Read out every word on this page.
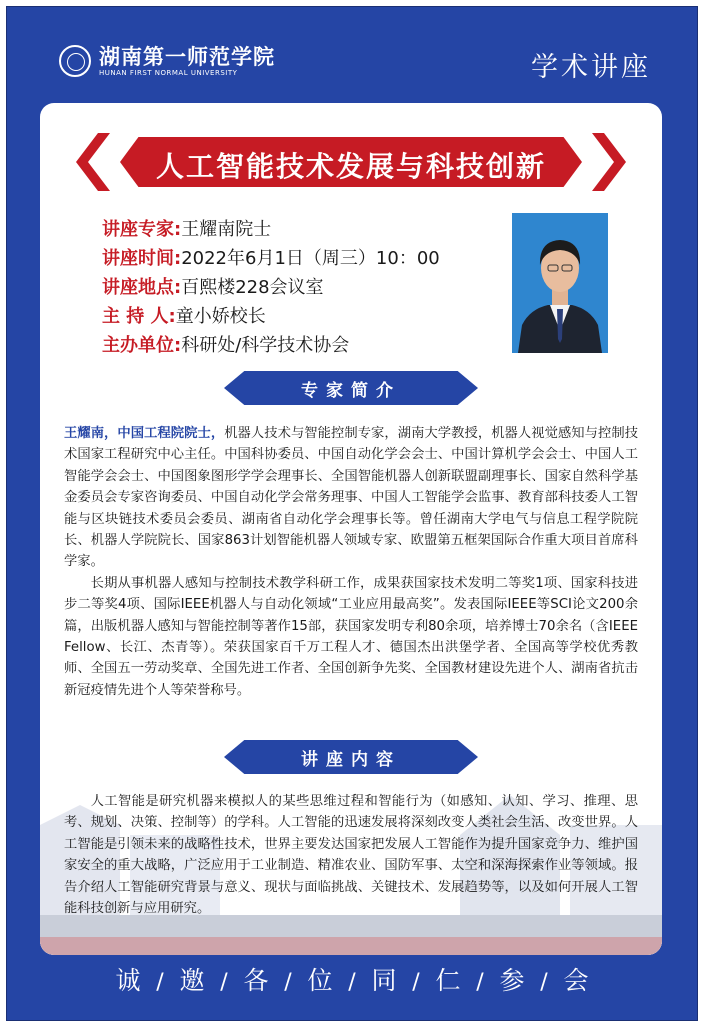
湖南第一师范学院
HUNAN FIRST NORMAL UNIVERSITY	学术讲座
人工智能技术发展与科技创新
讲座专家:王耀南院士
讲座时间:2022年6月1日（周三）10：00
讲座地点:百熙楼228会议室
主 持 人:童小娇校长
主办单位:科研处/科学技术协会
专家简介

王耀南，中国工程院院士，机器人技术与智能控制专家，湖南大学教授，机器人视觉感知与控制技术国家工程研究中心主任。中国科协委员、中国自动化学会会士、中国计算机学会会士、中国人工智能学会会士、中国图象图形学学会理事长、全国智能机器人创新联盟副理事长、国家自然科学基金委员会专家咨询委员、中国自动化学会常务理事、中国人工智能学会监事、教育部科技委人工智能与区块链技术委员会委员、湖南省自动化学会理事长等。曾任湖南大学电气与信息工程学院院长、机器人学院院长、国家863计划智能机器人领域专家、欧盟第五框架国际合作重大项目首席科学家。

长期从事机器人感知与控制技术教学科研工作，成果获国家技术发明二等奖1项、国家科技进步二等奖4项、国际IEEE机器人与自动化领域“工业应用最高奖”。发表国际IEEE等SCI论文200余篇，出版机器人感知与智能控制等著作15部，获国家发明专利80余项，培养博士70余名（含IEEE Fellow、长江、杰青等）。荣获国家百千万工程人才、德国杰出洪堡学者、全国高等学校优秀教师、全国五一劳动奖章、全国先进工作者、全国创新争先奖、全国教材建设先进个人、湖南省抗击新冠疫情先进个人等荣誉称号。

讲座内容

人工智能是研究机器来模拟人的某些思维过程和智能行为（如感知、认知、学习、推理、思考、规划、决策、控制等）的学科。人工智能的迅速发展将深刻改变人类社会生活、改变世界。人工智能是引领未来的战略性技术，世界主要发达国家把发展人工智能作为提升国家竞争力、维护国家安全的重大战略，广泛应用于工业制造、精准农业、国防军事、太空和深海探索作业等领域。报告介绍人工智能研究背景与意义、现状与面临挑战、关键技术、发展趋势等，以及如何开展人工智能科技创新与应用研究。

诚 / 邀 / 各 / 位 / 同 / 仁 / 参 / 会
